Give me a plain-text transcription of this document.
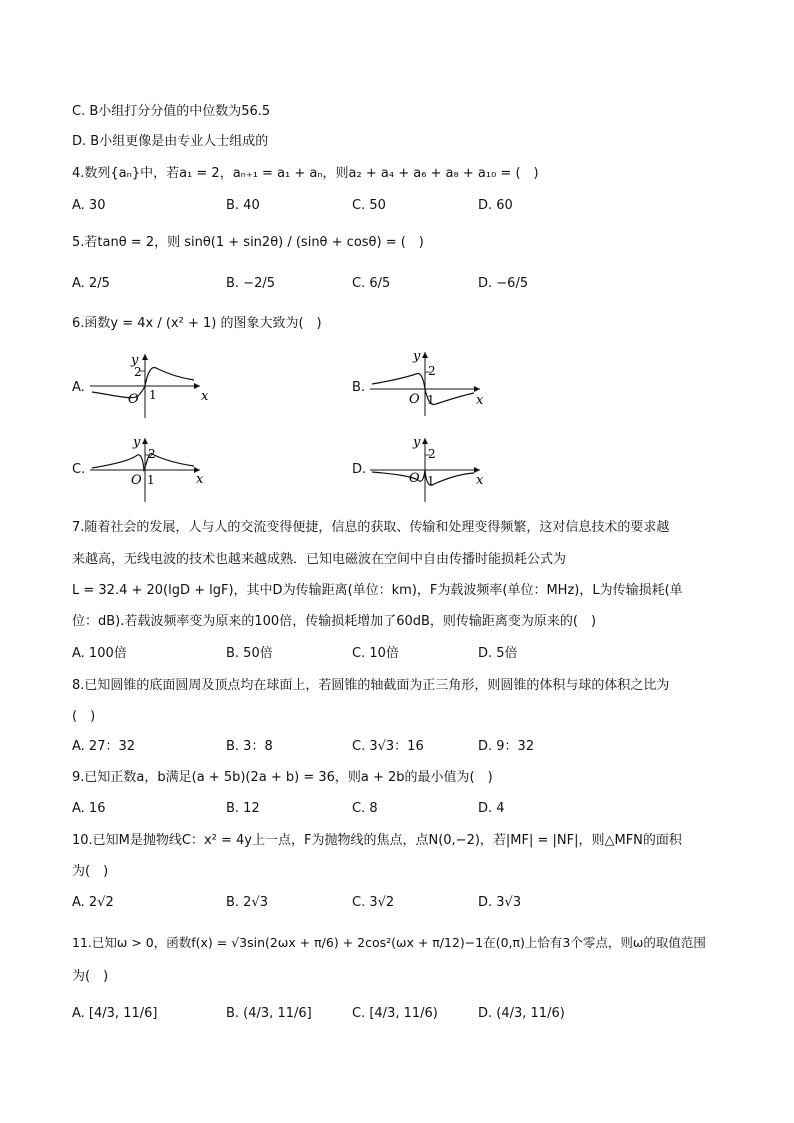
C. B小组打分分值的中位数为56.5
D. B小组更像是由专业人士组成的
4.数列{aₙ}中，若a₁ = 2，aₙ₊₁ = a₁ + aₙ，则a₂ + a₄ + a₆ + a₈ + a₁₀ = (　)
A. 30	B. 40	C. 50	D. 60
5.若tanθ = 2，则 sinθ(1 + sin2θ) / (sinθ + cosθ) = (　)
A. 2/5	B. −2/5	C. 6/5	D. −6/5
6.函数y = 4x / (x² + 1) 的图象大致为(　)
A.
y
x
O 1
2
B.
y
x
O 1
2
C.
y
x
O 1
2
D.
y
x
O 1
2
7.随着社会的发展，人与人的交流变得便捷，信息的获取、传输和处理变得频繁，这对信息技术的要求越
来越高，无线电波的技术也越来越成熟．已知电磁波在空间中自由传播时能损耗公式为
L = 32.4 + 20(lgD + lgF)，其中D为传输距离(单位：km)，F为载波频率(单位：MHz)，L为传输损耗(单
位：dB).若载波频率变为原来的100倍，传输损耗增加了60dB，则传输距离变为原来的(　)
A. 100倍	B. 50倍	C. 10倍	D. 5倍
8.已知圆锥的底面圆周及顶点均在球面上，若圆锥的轴截面为正三角形，则圆锥的体积与球的体积之比为
(　)
A. 27：32	B. 3：8	C. 3√3：16	D. 9：32
9.已知正数a，b满足(a + 5b)(2a + b) = 36，则a + 2b的最小值为(　)
A. 16	B. 12	C. 8	D. 4
10.已知M是抛物线C：x² = 4y上一点，F为抛物线的焦点，点N(0,−2)，若|MF| = |NF|，则△MFN的面积
为(　)
A. 2√2	B. 2√3	C. 3√2	D. 3√3
11.已知ω > 0，函数f(x) = √3sin(2ωx + π/6) + 2cos²(ωx + π/12)−1在(0,π)上恰有3个零点，则ω的取值范围
为(　)
A. [4/3, 11/6]	B. (4/3, 11/6]	C. [4/3, 11/6)	D. (4/3, 11/6)
